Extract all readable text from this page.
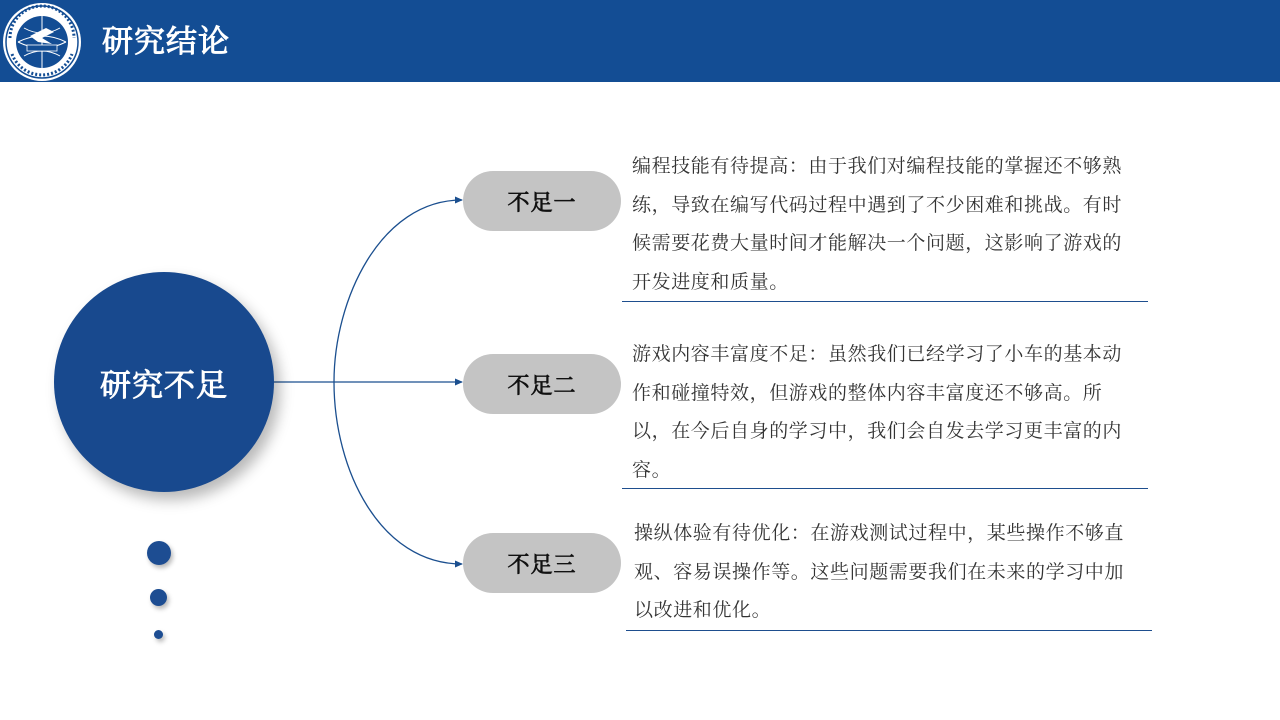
研究结论
研究不足
不足一
不足二
不足三
编程技能有待提高：由于我们对编程技能的掌握还不够熟练，导致在编写代码过程中遇到了不少困难和挑战。有时候需要花费大量时间才能解决一个问题，这影响了游戏的开发进度和质量。
游戏内容丰富度不足：虽然我们已经学习了小车的基本动作和碰撞特效，但游戏的整体内容丰富度还不够高。所以，在今后自身的学习中，我们会自发去学习更丰富的内容。
操纵体验有待优化：在游戏测试过程中，某些操作不够直观、容易误操作等。这些问题需要我们在未来的学习中加以改进和优化。
